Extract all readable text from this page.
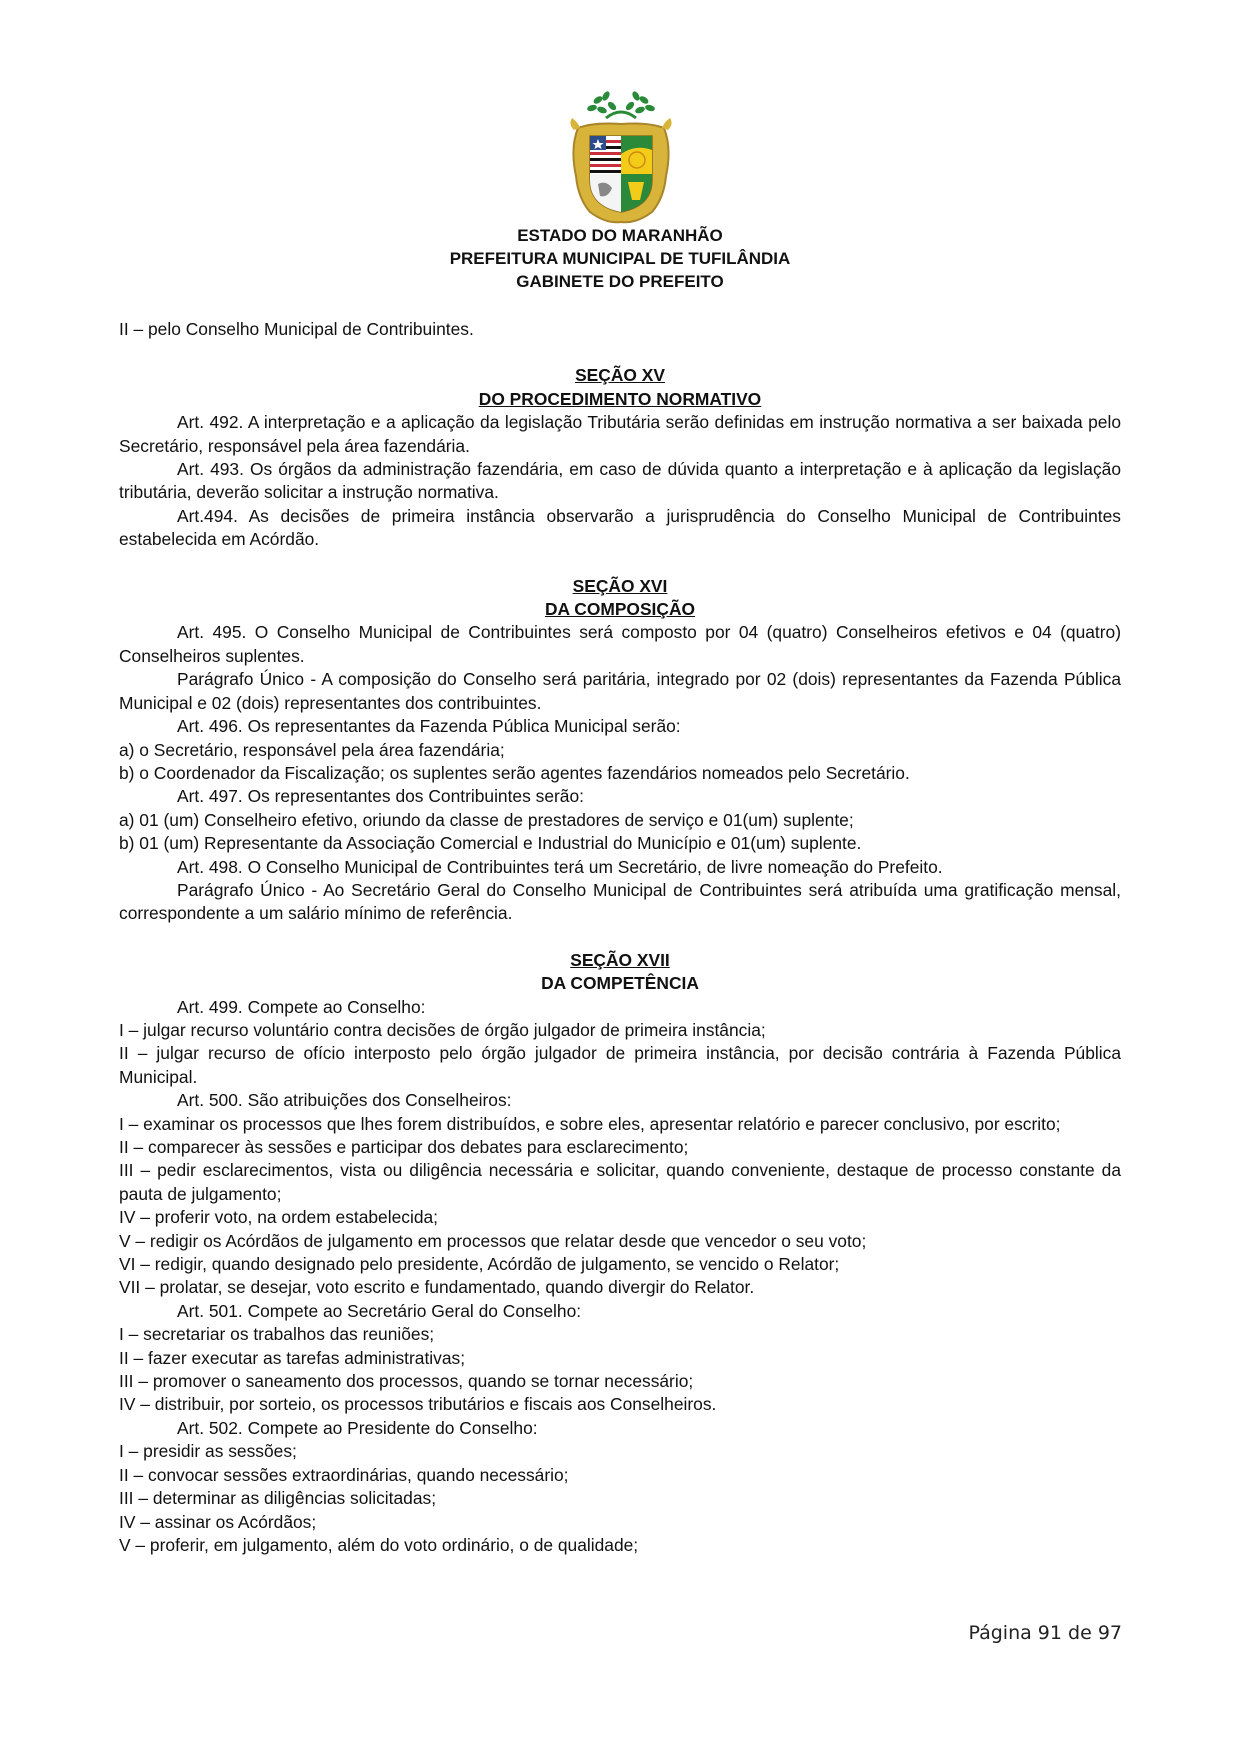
ESTADO DO MARANHÃO
PREFEITURA MUNICIPAL DE TUFILÂNDIA
GABINETE DO PREFEITO

II – pelo Conselho Municipal de Contribuintes.

SEÇÃO XV

DO PROCEDIMENTO NORMATIVO

Art. 492. A interpretação e a aplicação da legislação Tributária serão definidas em instrução normativa a ser baixada pelo Secretário, responsável pela área fazendária.

Art. 493. Os órgãos da administração fazendária, em caso de dúvida quanto a interpretação e à aplicação da legislação tributária, deverão solicitar a instrução normativa.

Art.494. As decisões de primeira instância observarão a jurisprudência do Conselho Municipal de Contribuintes estabelecida em Acórdão.

SEÇÃO XVI

DA COMPOSIÇÃO

Art. 495. O Conselho Municipal de Contribuintes será composto por 04 (quatro) Conselheiros efetivos e 04 (quatro) Conselheiros suplentes.

Parágrafo Único - A composição do Conselho será paritária, integrado por 02 (dois) representantes da Fazenda Pública Municipal e 02 (dois) representantes dos contribuintes.

Art. 496. Os representantes da Fazenda Pública Municipal serão:

a) o Secretário, responsável pela área fazendária;

b) o Coordenador da Fiscalização; os suplentes serão agentes fazendários nomeados pelo Secretário.

Art. 497. Os representantes dos Contribuintes serão:

a) 01 (um) Conselheiro efetivo, oriundo da classe de prestadores de serviço e 01(um) suplente;

b) 01 (um) Representante da Associação Comercial e Industrial do Município e 01(um) suplente.

Art. 498. O Conselho Municipal de Contribuintes terá um Secretário, de livre nomeação do Prefeito.

Parágrafo Único - Ao Secretário Geral do Conselho Municipal de Contribuintes será atribuída uma gratificação mensal, correspondente a um salário mínimo de referência.

SEÇÃO XVII

DA COMPETÊNCIA

Art. 499. Compete ao Conselho:

I – julgar recurso voluntário contra decisões de órgão julgador de primeira instância;

II – julgar recurso de ofício interposto pelo órgão julgador de primeira instância, por decisão contrária à Fazenda Pública Municipal.

Art. 500. São atribuições dos Conselheiros:

I – examinar os processos que lhes forem distribuídos, e sobre eles, apresentar relatório e parecer conclusivo, por escrito;

II – comparecer às sessões e participar dos debates para esclarecimento;

III – pedir esclarecimentos, vista ou diligência necessária e solicitar, quando conveniente, destaque de processo constante da pauta de julgamento;

IV – proferir voto, na ordem estabelecida;

V – redigir os Acórdãos de julgamento em processos que relatar desde que vencedor o seu voto;

VI – redigir, quando designado pelo presidente, Acórdão de julgamento, se vencido o Relator;

VII – prolatar, se desejar, voto escrito e fundamentado, quando divergir do Relator.

Art. 501. Compete ao Secretário Geral do Conselho:

I – secretariar os trabalhos das reuniões;

II – fazer executar as tarefas administrativas;

III – promover o saneamento dos processos, quando se tornar necessário;

IV – distribuir, por sorteio, os processos tributários e fiscais aos Conselheiros.

Art. 502. Compete ao Presidente do Conselho:

I – presidir as sessões;

II – convocar sessões extraordinárias, quando necessário;

III – determinar as diligências solicitadas;

IV – assinar os Acórdãos;

V – proferir, em julgamento, além do voto ordinário, o de qualidade;

Página 91 de 97
